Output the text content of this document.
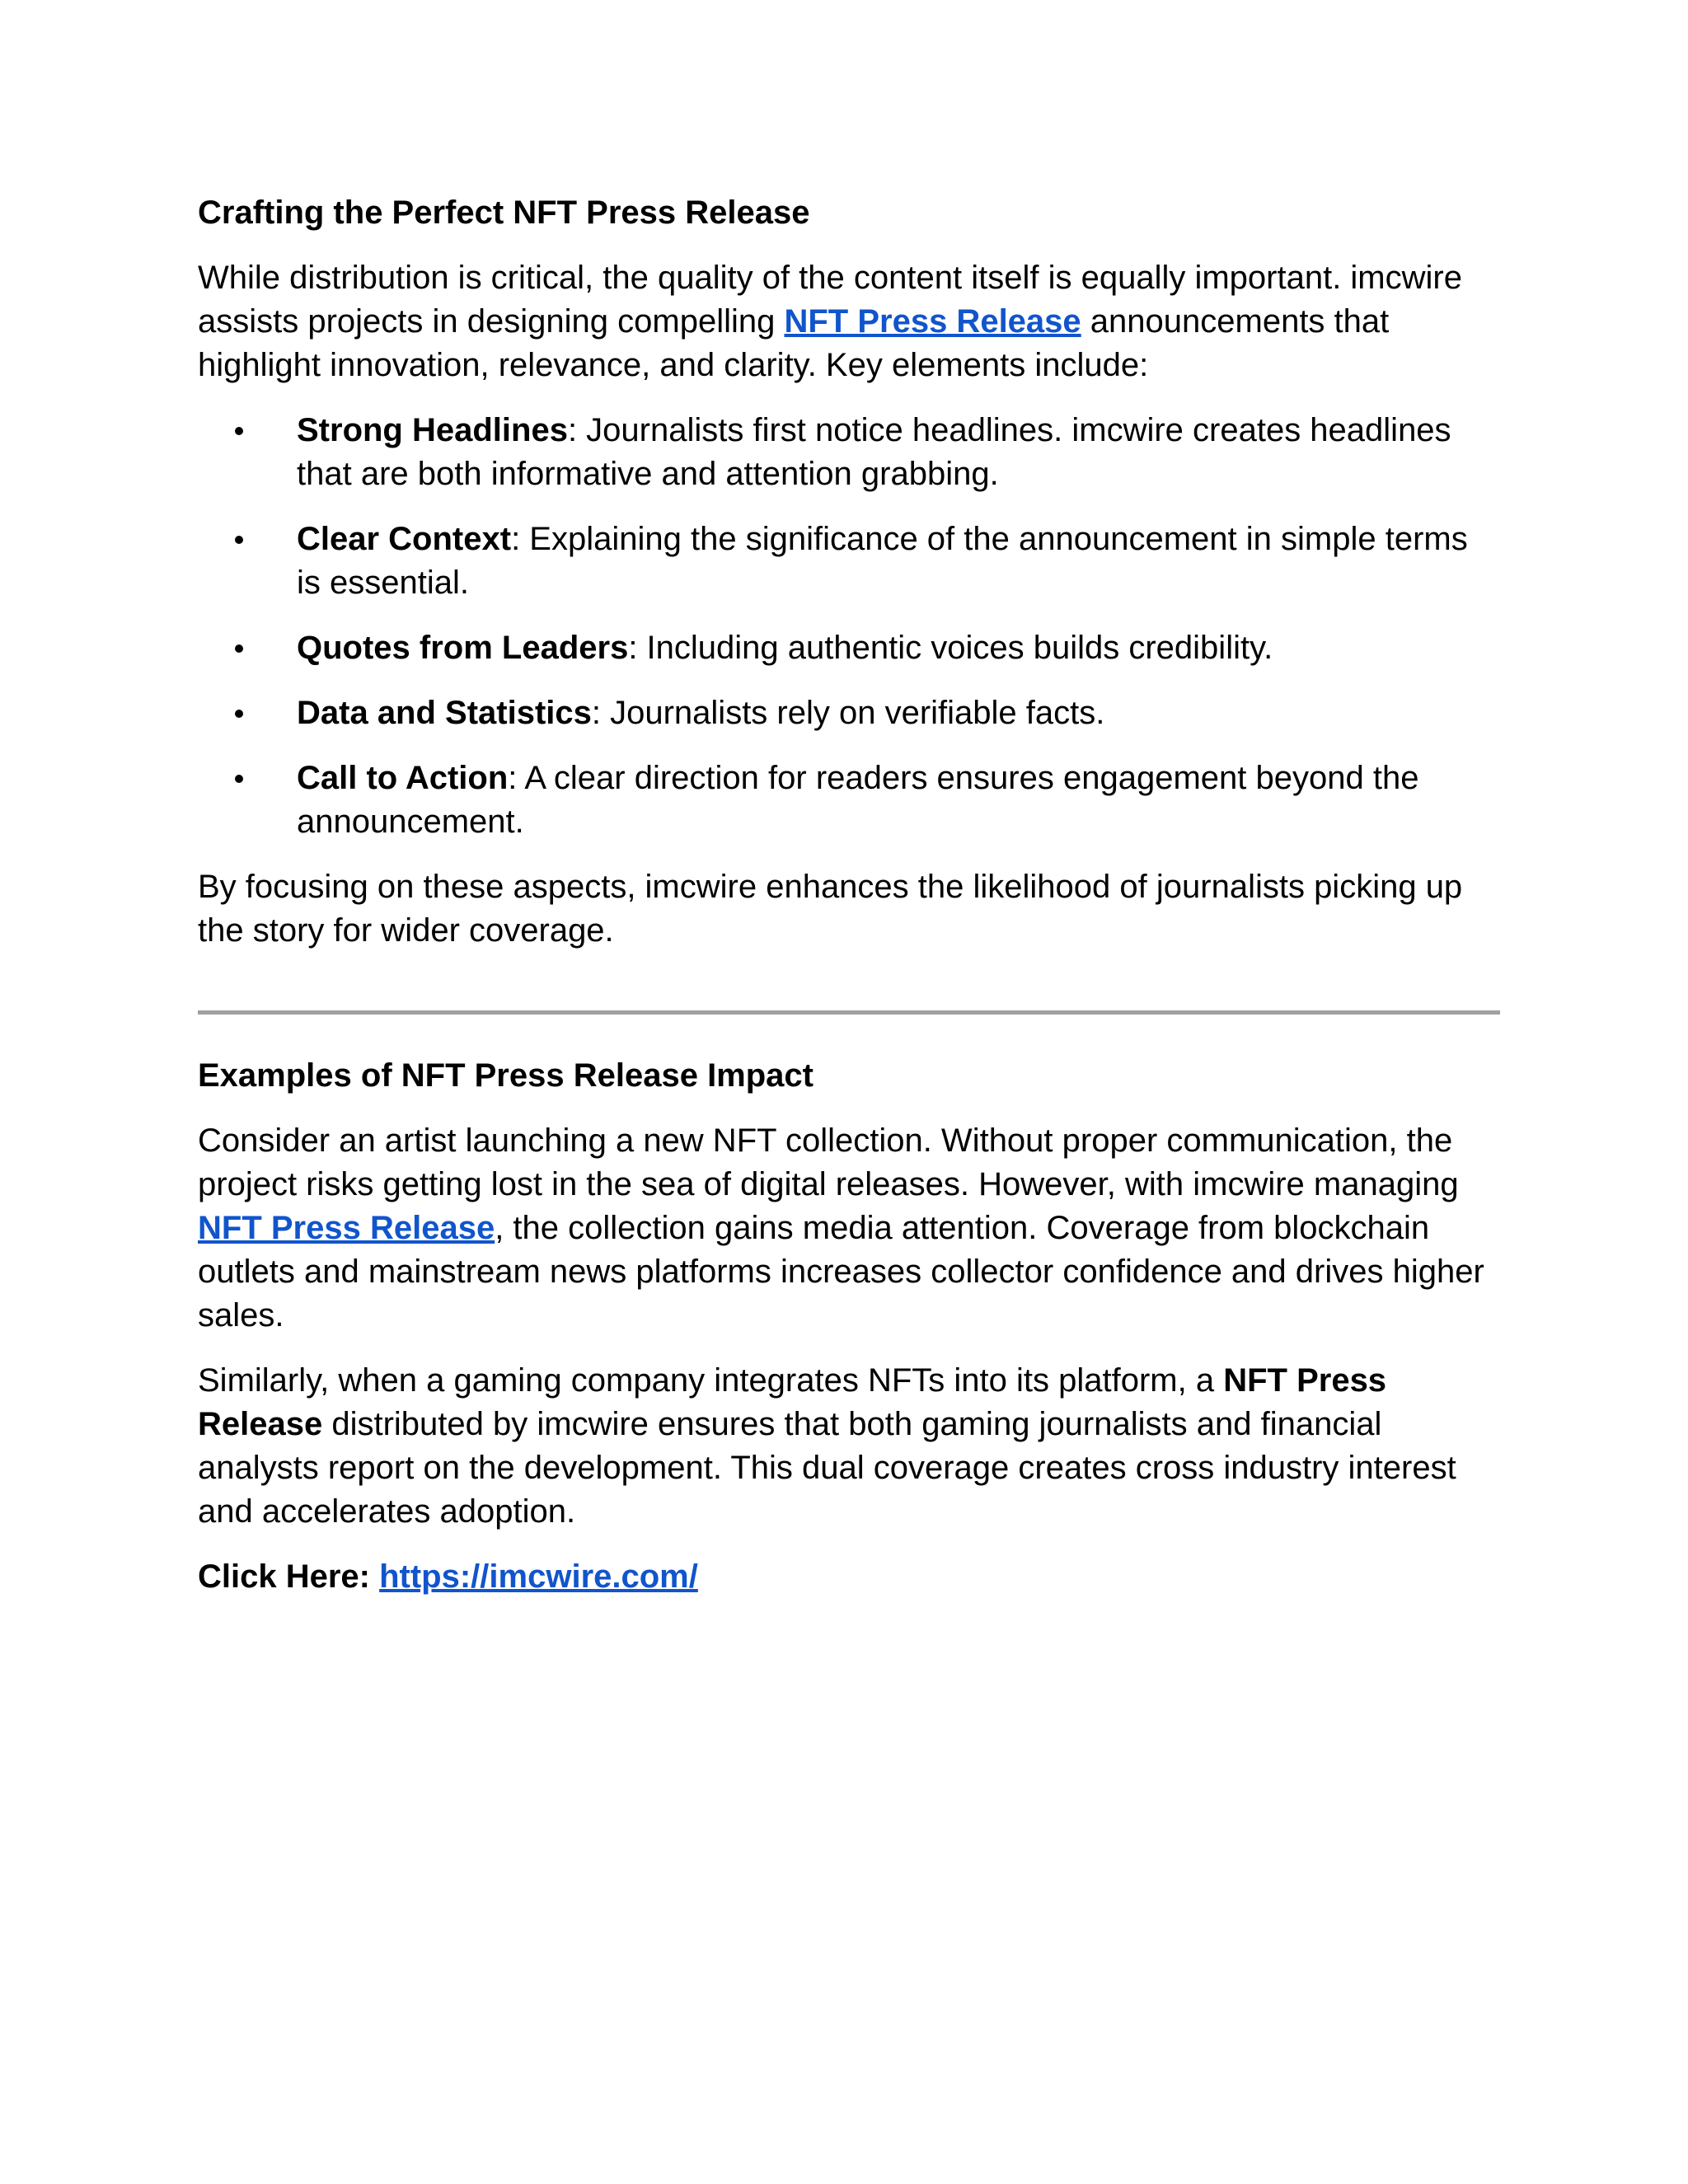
Crafting the Perfect NFT Press Release

While distribution is critical, the quality of the content itself is equally important. imcwire assists projects in designing compelling NFT Press Release announcements that highlight innovation, relevance, and clarity. Key elements include:

Strong Headlines: Journalists first notice headlines. imcwire creates headlines that are both informative and attention grabbing.
Clear Context: Explaining the significance of the announcement in simple terms is essential.
Quotes from Leaders: Including authentic voices builds credibility.
Data and Statistics: Journalists rely on verifiable facts.
Call to Action: A clear direction for readers ensures engagement beyond the announcement.

By focusing on these aspects, imcwire enhances the likelihood of journalists picking up the story for wider coverage.

Examples of NFT Press Release Impact

Consider an artist launching a new NFT collection. Without proper communication, the project risks getting lost in the sea of digital releases. However, with imcwire managing NFT Press Release, the collection gains media attention. Coverage from blockchain outlets and mainstream news platforms increases collector confidence and drives higher sales.

Similarly, when a gaming company integrates NFTs into its platform, a NFT Press Release distributed by imcwire ensures that both gaming journalists and financial analysts report on the development. This dual coverage creates cross industry interest and accelerates adoption.

Click Here: https://imcwire.com/
